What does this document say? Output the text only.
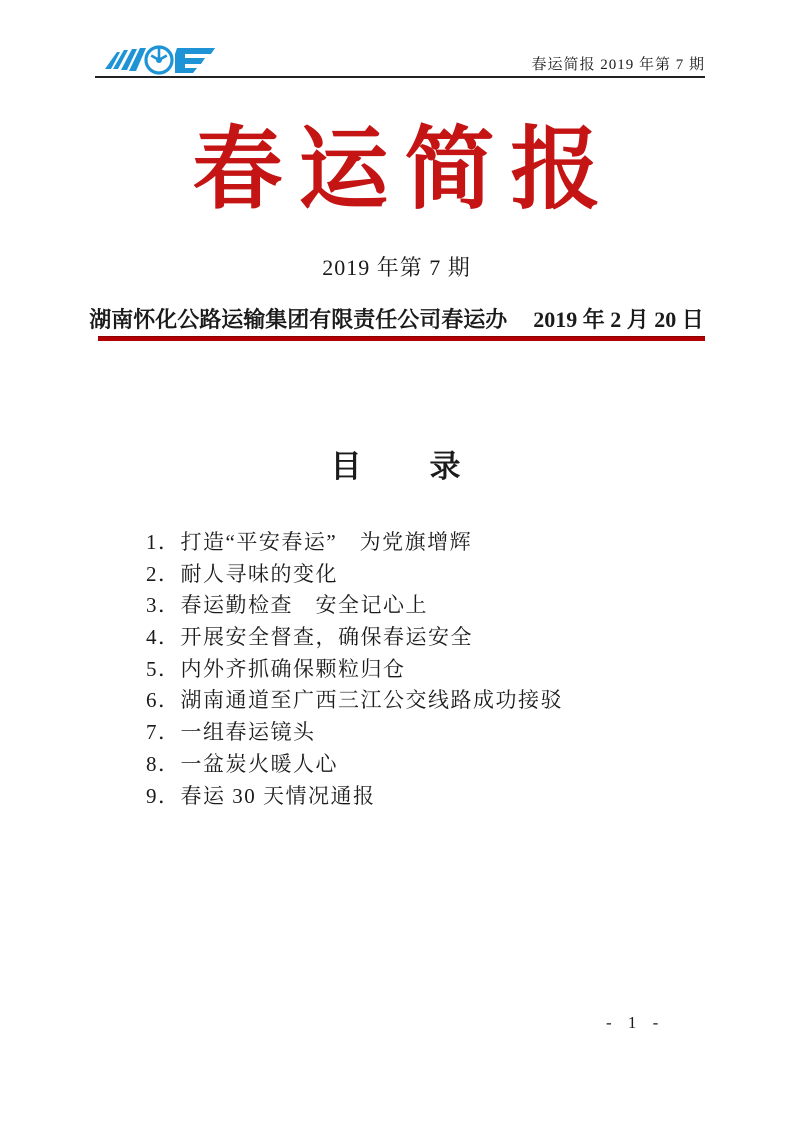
春运简报 2019 年第 7 期
春运简报
2019 年第 7 期
湖南怀化公路运输集团有限责任公司春运办 2019 年 2 月 20 日
目　　录
1．打造“平安春运”　为党旗增辉
2．耐人寻味的变化
3．春运勤检查　安全记心上
4．开展安全督查，确保春运安全
5．内外齐抓确保颗粒归仓
6．湖南通道至广西三江公交线路成功接驳
7．一组春运镜头
8．一盆炭火暖人心
9．春运 30 天情况通报
- 1 -
